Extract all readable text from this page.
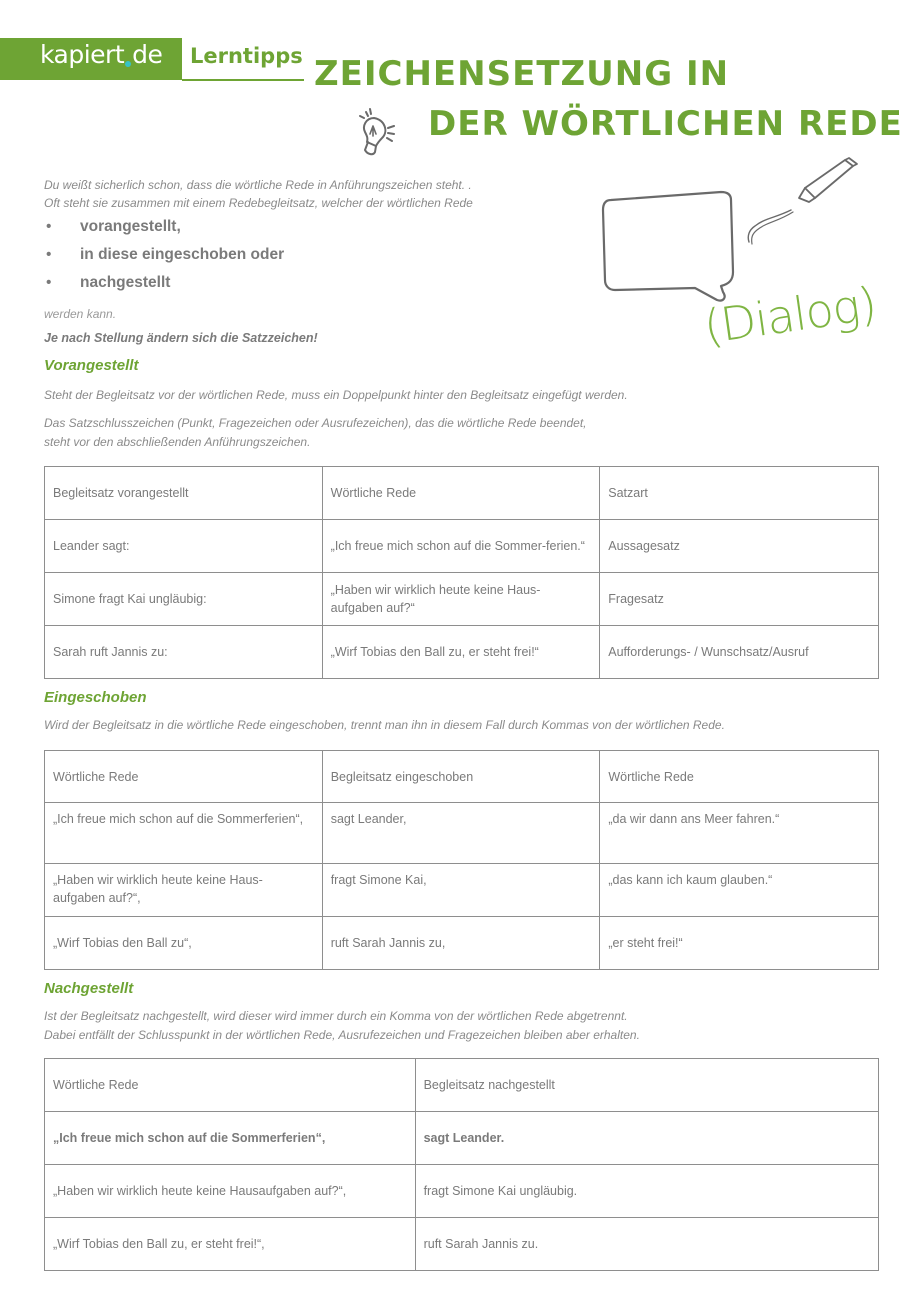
kapiert de Lerntipps ZEICHENSETZUNG IN
DER WÖRTLICHEN REDE
(Dialog)
Du weißt sicherlich schon, dass die wörtliche Rede in Anführungszeichen steht. .
Oft steht sie zusammen mit einem Redebegleitsatz, welcher der wörtlichen Rede
• vorangestellt,
• in diese eingeschoben oder
• nachgestellt
werden kann.
Je nach Stellung ändern sich die Satzzeichen!
Vorangestellt
Steht der Begleitsatz vor der wörtlichen Rede, muss ein Doppelpunkt hinter den Begleitsatz eingefügt werden.
Das Satzschlusszeichen (Punkt, Fragezeichen oder Ausrufezeichen), das die wörtliche Rede beendet,
steht vor den abschließenden Anführungszeichen.
Begleitsatz vorangestellt	Wörtliche Rede	Satzart
Leander sagt:	„Ich freue mich schon auf die Sommer-ferien.“	Aussagesatz
Simone fragt Kai ungläubig:	„Haben wir wirklich heute keine Haus-aufgaben auf?“	Fragesatz
Sarah ruft Jannis zu:	„Wirf Tobias den Ball zu, er steht frei!“	Aufforderungs- / Wunschsatz/Ausruf
Eingeschoben
Wird der Begleitsatz in die wörtliche Rede eingeschoben, trennt man ihn in diesem Fall durch Kommas von der wörtlichen Rede.
Wörtliche Rede	Begleitsatz eingeschoben	Wörtliche Rede
„Ich freue mich schon auf die Sommerferien“,	sagt Leander,	„da wir dann ans Meer fahren.“
„Haben wir wirklich heute keine Haus-aufgaben auf?“,	fragt Simone Kai,	„das kann ich kaum glauben.“
„Wirf Tobias den Ball zu“,	ruft Sarah Jannis zu,	„er steht frei!“
Nachgestellt
Ist der Begleitsatz nachgestellt, wird dieser wird immer durch ein Komma von der wörtlichen Rede abgetrennt.
Dabei entfällt der Schlusspunkt in der wörtlichen Rede, Ausrufezeichen und Fragezeichen bleiben aber erhalten.
Wörtliche Rede	Begleitsatz nachgestellt
„Ich freue mich schon auf die Sommerferien“,	sagt Leander.
„Haben wir wirklich heute keine Hausaufgaben auf?“,	fragt Simone Kai ungläubig.
„Wirf Tobias den Ball zu, er steht frei!“,	ruft Sarah Jannis zu.
